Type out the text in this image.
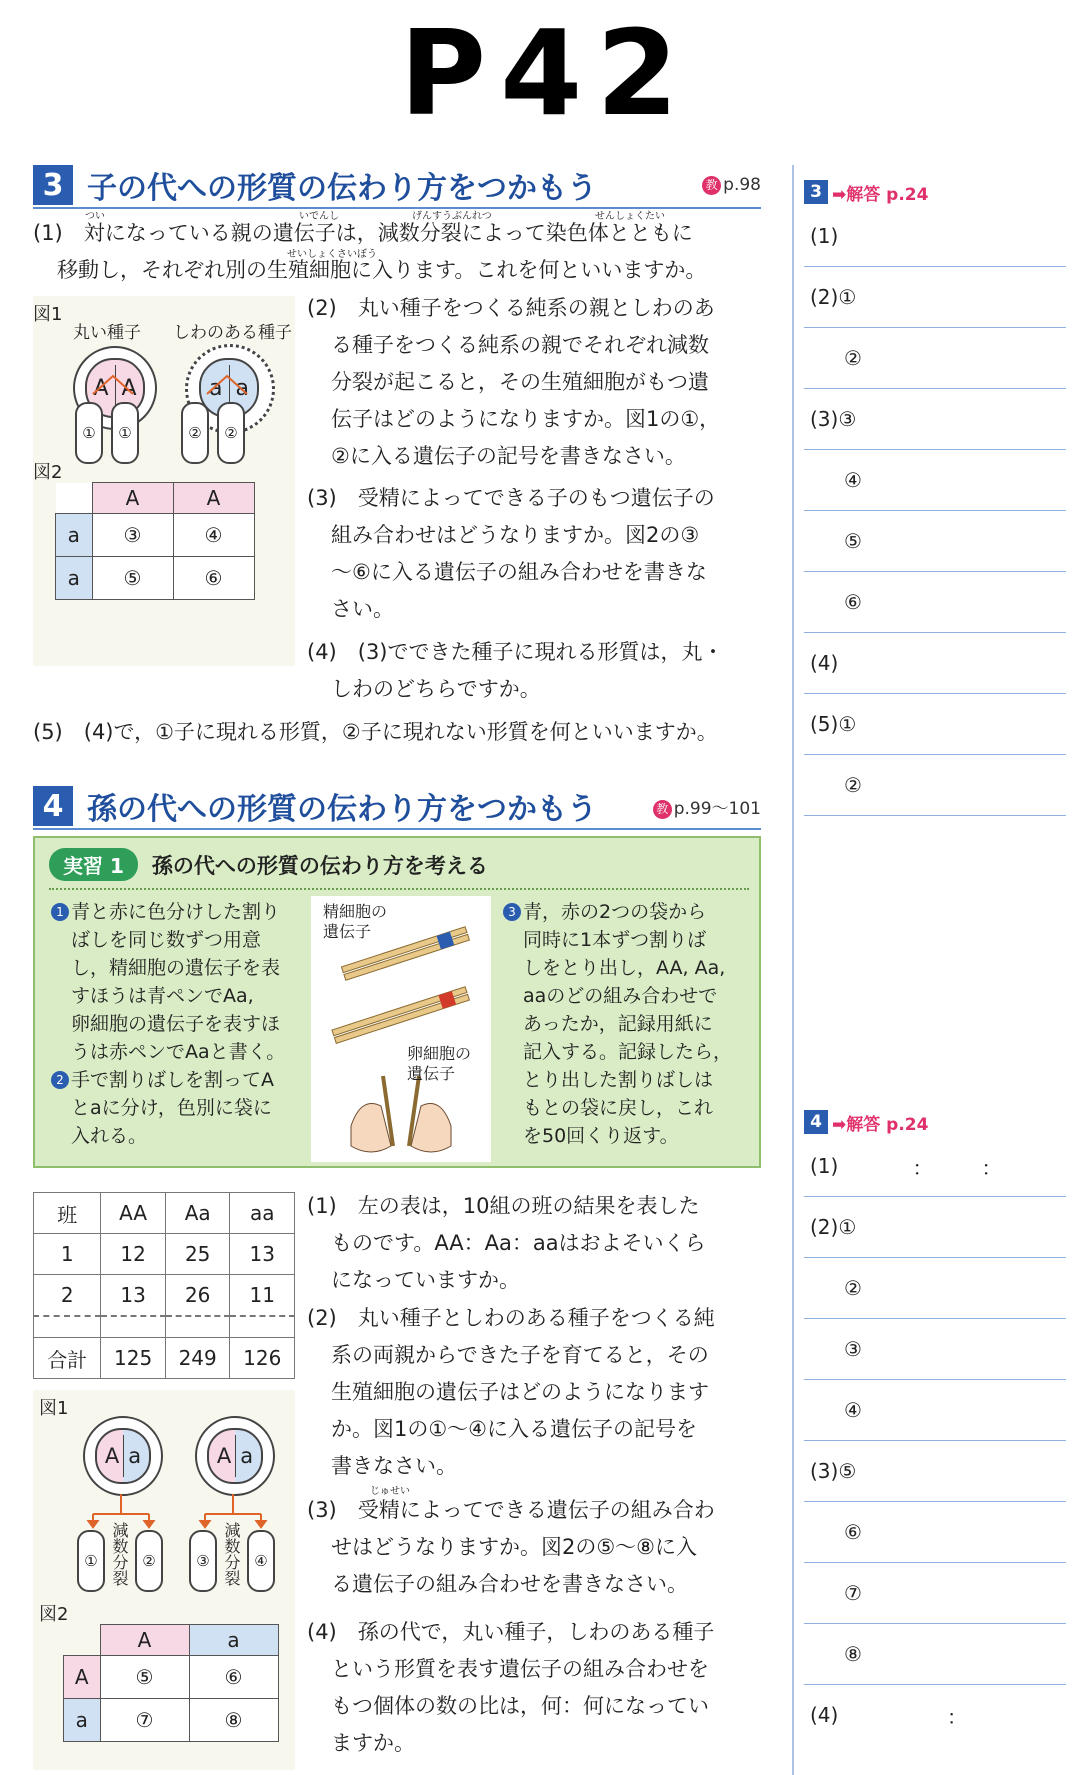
P42
3 子の代への形質の伝わり方をつかもう	教 p.98
(1)　対になっている親の遺伝子は，減数分裂によって染色体とともに
移動し，それぞれ別の生殖細胞に入ります。これを何といいますか。
つい	いでんし	げんすうぶんれつ	せんしょくたい
せいしょくさいぼう
図1
丸い種子 しわのある種子
A A	a a
①	①	②	②
図2
	A	A
a	③	④
a	⑤	⑥
(2)　丸い種子をつくる純系の親としわのあ
る種子をつくる純系の親でそれぞれ減数
分裂が起こると，その生殖細胞がもつ遺
伝子はどのようになりますか。図1の①，
②に入る遺伝子の記号を書きなさい。
(3)　受精によってできる子のもつ遺伝子の
組み合わせはどうなりますか。図2の③
〜⑥に入る遺伝子の組み合わせを書きな
さい。
(4)　(3)でできた種子に現れる形質は，丸・
しわのどちらですか。
(5)　(4)で，①子に現れる形質，②子に現れない形質を何といいますか。
4 孫の代への形質の伝わり方をつかもう	教 p.99〜101
実習 1	孫の代への形質の伝わり方を考える
1 青と赤に色分けした割り
ばしを同じ数ずつ用意
し，精細胞の遺伝子を表
すほうは青ペンでAa,
卵細胞の遺伝子を表すほ
うは赤ペンでAaと書く。
2 手で割りばしを割ってA
とaに分け，色別に袋に
入れる。
精細胞の
遺伝子
卵細胞の
遺伝子
3 青，赤の2つの袋から
同時に1本ずつ割りば
しをとり出し，AA, Aa,
aaのどの組み合わせで
あったか，記録用紙に
記入する。記録したら，
とり出した割りばしは
もとの袋に戻し，これ
を50回くり返す。
班	AA	Aa	aa
1	12	25	13
2	13	26	11

合計	125	249	126
図1
A a	A a
①	②	③	④
減数分裂	減数分裂
図2
	A	a
A	⑤	⑥
a	⑦	⑧
(1)　左の表は，10組の班の結果を表した
ものです。AA：Aa：aaはおよそいくら
になっていますか。
(2)　丸い種子としわのある種子をつくる純
系の両親からできた子を育てると，その
生殖細胞の遺伝子はどのようになります
か。図1の①〜④に入る遺伝子の記号を
書きなさい。
じゅせい
(3)　受精によってできる遺伝子の組み合わ
せはどうなりますか。図2の⑤〜⑧に入
る遺伝子の組み合わせを書きなさい。
(4)　孫の代で，丸い種子，しわのある種子
という形質を表す遺伝子の組み合わせを
もつ個体の数の比は，何：何になってい
ますか。
3 ➡解答 p.24
(1)
(2)①
②
(3)③
④
⑤
⑥
(4)
(5)①
②
4 ➡解答 p.24
(1)	： ：
(2)①
②
③
④
(3)⑤
⑥
⑦
⑧
(4)	：
